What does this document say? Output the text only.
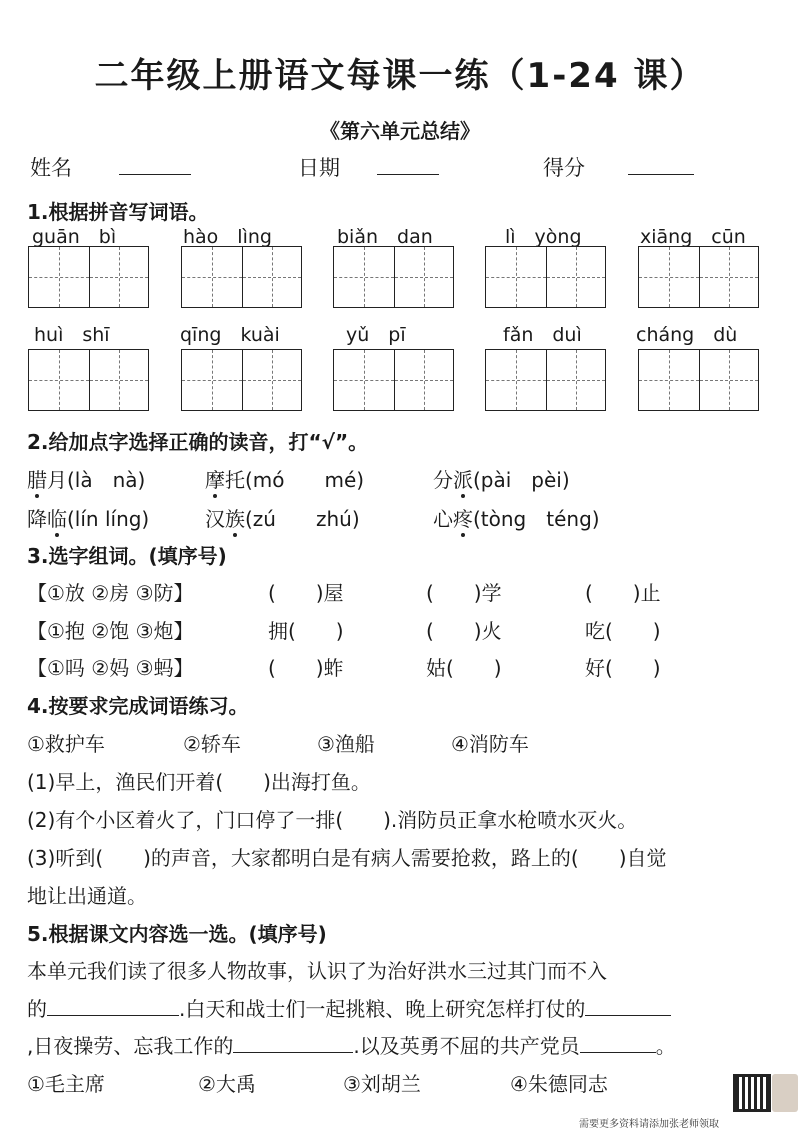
二年级上册语文每课一练（1-24 课）
《第六单元总结》
姓名	日期	得分
1.根据拼音写词语。
guān　bì	hào　lìng	biǎn　dan	lì　yòng	xiāng　cūn
huì　shī	qīng　kuài	yǔ　pī	fǎn　duì	cháng　dù
2.给加点字选择正确的读音，打“√”。
腊月(là　nà)	摩托(mó　　mé)	分派(pài　pèi)
降临(lín líng)	汉族(zú　　zhú)	心疼(tòng　téng)
3.选字组词。(填序号)
【①放 ②房 ③防】	(　　)屋	(　　)学	(　　)止
【①抱 ②饱 ③炮】	拥(　　)	(　　)火	吃(　　)
【①吗 ②妈 ③蚂】	(　　)蚱	姑(　　)	好(　　)
4.按要求完成词语练习。
①救护车	②轿车	③渔船	④消防车
(1)早上，渔民们开着(　　)出海打鱼。
(2)有个小区着火了，门口停了一排(　　).消防员正拿水枪喷水灭火。
(3)听到(　　)的声音，大家都明白是有病人需要抢救，路上的(　　)自觉
地让出通道。
5.根据课文内容选一选。(填序号)
本单元我们读了很多人物故事，认识了为治好洪水三过其门而不入
的	.白天和战士们一起挑粮、晚上研究怎样打仗的
,日夜操劳、忘我工作的	.以及英勇不屈的共产党员	。
①毛主席	②大禹	③刘胡兰	④朱德同志
需要更多资料请添加张老师领取
